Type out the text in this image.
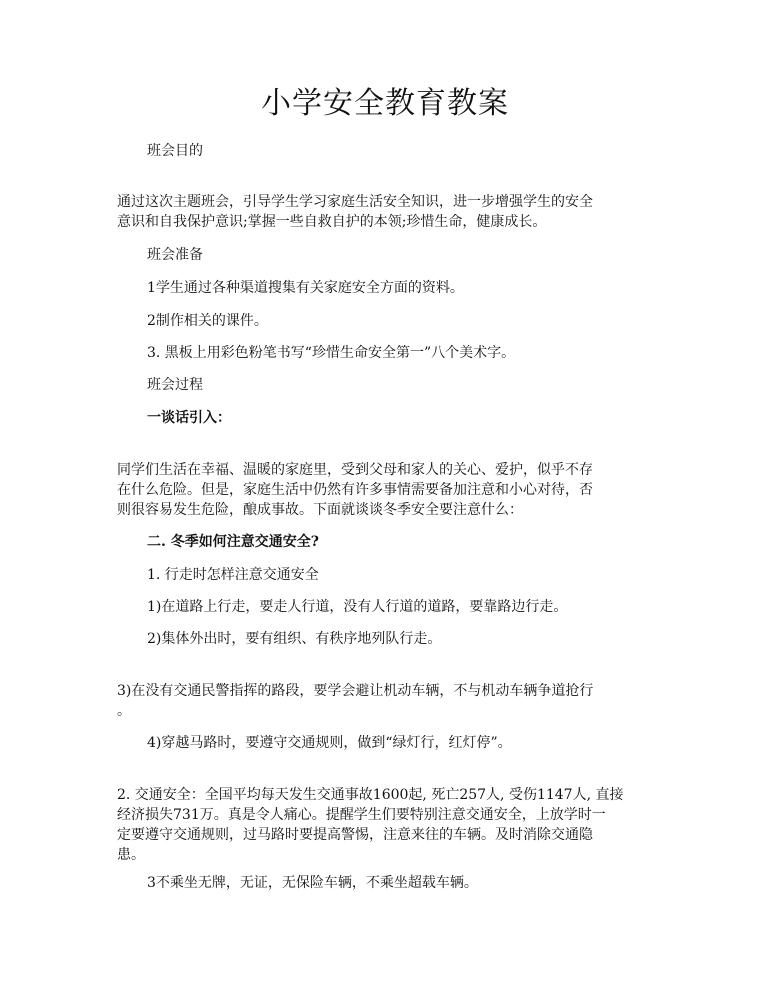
小学安全教育教案

班会目的

通过这次主题班会，引导学生学习家庭生活安全知识，进一步增强学生的安全

意识和自我保护意识;掌握一些自救自护的本领;珍惜生命，健康成长。

班会准备

1学生通过各种渠道搜集有关家庭安全方面的资料。

2制作相关的课件。

3. 黑板上用彩色粉笔书写“珍惜生命安全第一”八个美术字。

班会过程

一谈话引入：

同学们生活在幸福、温暖的家庭里，受到父母和家人的关心、爱护，似乎不存

在什么危险。但是，家庭生活中仍然有许多事情需要备加注意和小心对待，否

则很容易发生危险，酿成事故。下面就谈谈冬季安全要注意什么：

二. 冬季如何注意交通安全?

1. 行走时怎样注意交通安全

1)在道路上行走，要走人行道，没有人行道的道路，要靠路边行走。

2)集体外出时，要有组织、有秩序地列队行走。

3)在没有交通民警指挥的路段，要学会避让机动车辆，不与机动车辆争道抢行

。

4)穿越马路时，要遵守交通规则，做到“绿灯行，红灯停”。

2. 交通安全：全国平均每天发生交通事故1600起, 死亡257人, 受伤1147人, 直接

经济损失731万。真是令人痛心。提醒学生们要特别注意交通安全，上放学时一

定要遵守交通规则，过马路时要提高警惕，注意来往的车辆。及时消除交通隐

患。

3不乘坐无牌，无证，无保险车辆，不乘坐超载车辆。
